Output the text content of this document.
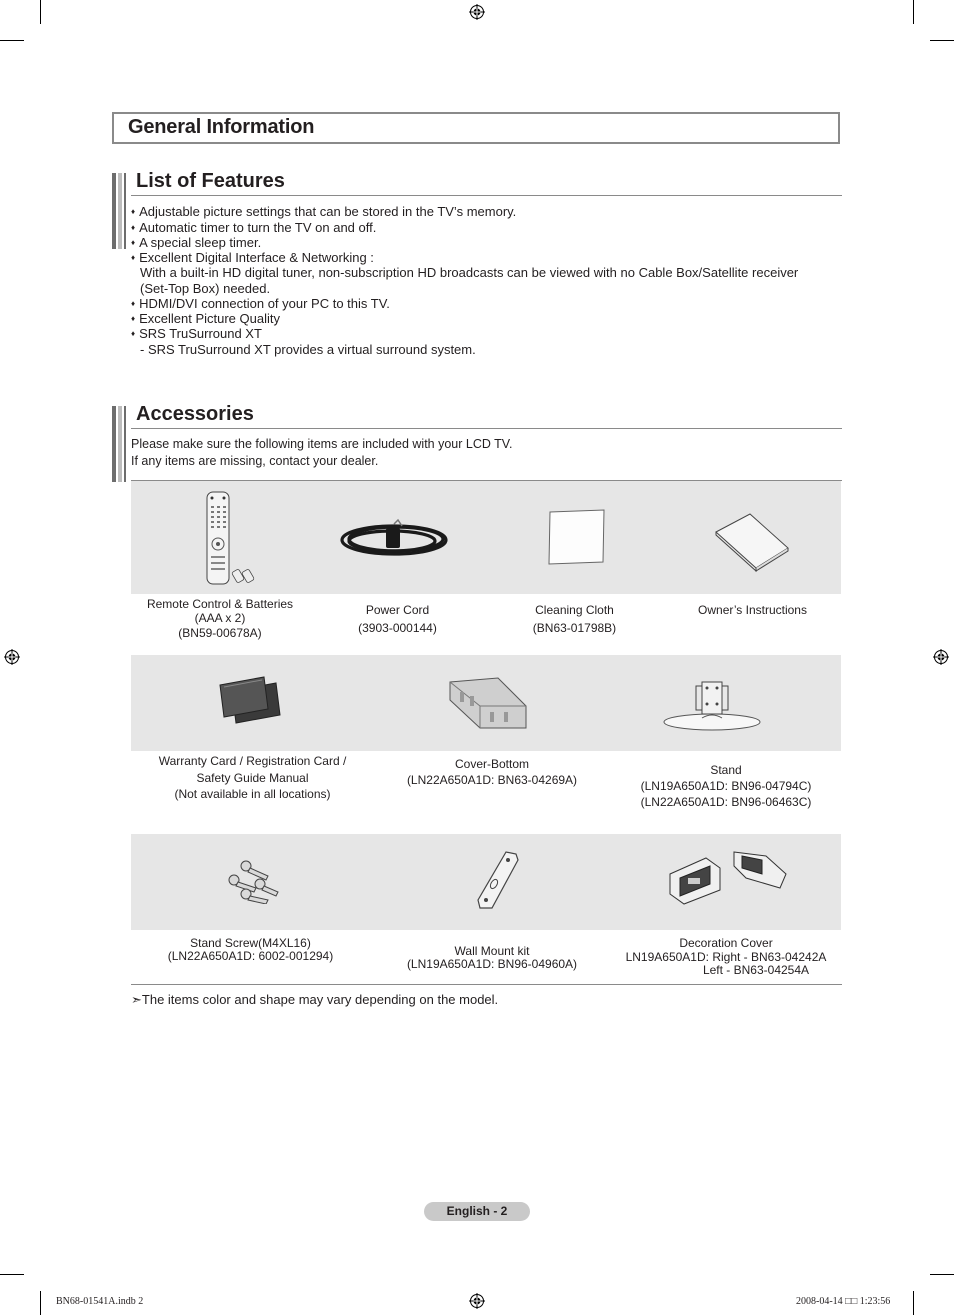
General Information
List of Features
♦ Adjustable picture settings that can be stored in the TV’s memory.
♦ Automatic timer to turn the TV on and off.
♦ A special sleep timer.
♦ Excellent Digital Interface & Networking :
With a built-in HD digital tuner, non-subscription HD broadcasts can be viewed with no Cable Box/Satellite receiver
(Set-Top Box) needed.
♦ HDMI/DVI connection of your PC to this TV.
♦ Excellent Picture Quality
♦ SRS TruSurround XT
- SRS TruSurround XT provides a virtual surround system.
Accessories
Please make sure the following items are included with your LCD TV.
If any items are missing, contact your dealer.
Remote Control & Batteries
(AAA x 2)
(BN59-00678A)
Power Cord
(3903-000144)
Cleaning Cloth
(BN63-01798B)
Owner’s Instructions
Warranty Card / Registration Card /
Safety Guide Manual
(Not available in all locations)
Cover-Bottom
(LN22A650A1D: BN63-04269A)
Stand
(LN19A650A1D: BN96-04794C)
(LN22A650A1D: BN96-06463C)
Stand Screw(M4XL16)
(LN22A650A1D: 6002-001294)	Wall Mount kit
(LN19A650A1D: BN96-04960A)
Decoration Cover
LN19A650A1D: Right - BN63-04242A
Left - BN63-04254A
➣The items color and shape may vary depending on the model.
English - 2
BN68-01541A.indb 2	2008-04-14 □□ 1:23:56
